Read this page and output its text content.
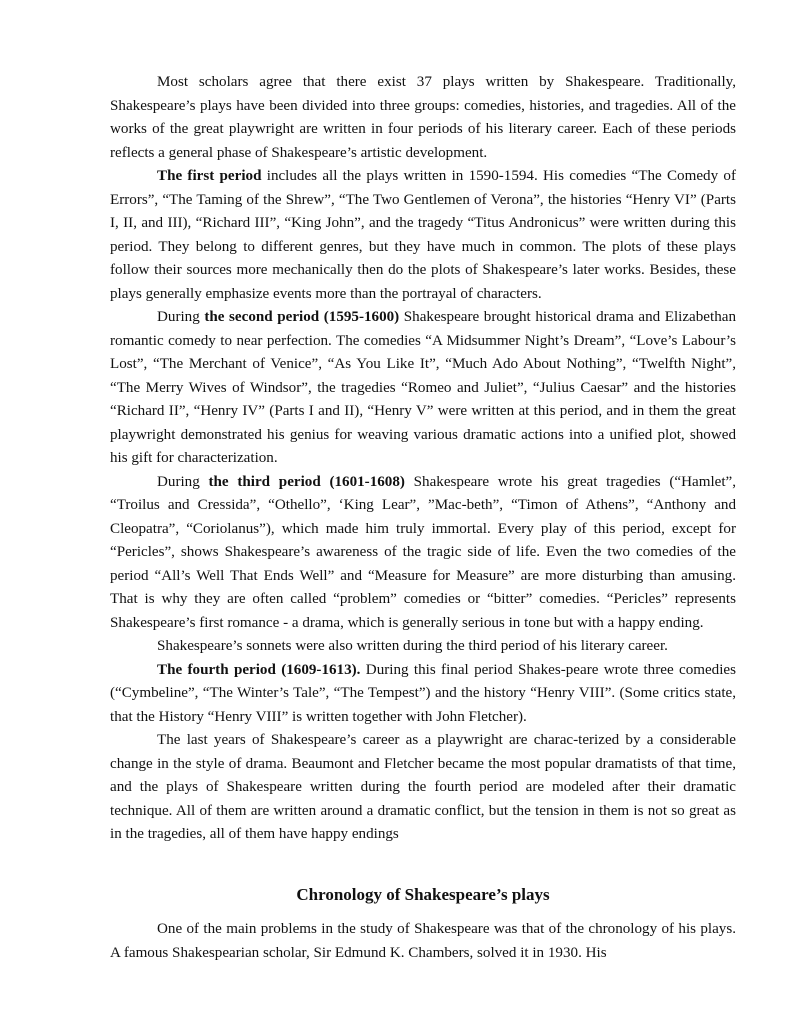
Most scholars agree that there exist 37 plays written by Shakespeare. Traditionally, Shakespeare’s plays have been divided into three groups: comedies, histories, and tragedies. All of the works of the great playwright are written in four periods of his literary career. Each of these periods reflects a general phase of Shakespeare’s artistic development.

The first period includes all the plays written in 1590-1594. His comedies “The Comedy of Errors”, “The Taming of the Shrew”, “The Two Gentlemen of Verona”, the histories “Henry VI” (Parts I, II, and III), “Richard III”, “King John”, and the tragedy “Titus Andronicus” were written during this period. They belong to different genres, but they have much in common. The plots of these plays follow their sources more mechanically then do the plots of Shakespeare’s later works. Besides, these plays generally emphasize events more than the portrayal of characters.

During the second period (1595-1600) Shakespeare brought historical drama and Elizabethan romantic comedy to near perfection. The comedies “A Midsummer Night’s Dream”, “Love’s Labour’s Lost”, “The Merchant of Venice”, “As You Like It”, “Much Ado About Nothing”, “Twelfth Night”, “The Merry Wives of Windsor”, the tragedies “Romeo and Juliet”, “Julius Caesar” and the histories “Richard II”, “Henry IV” (Parts I and II), “Henry V” were written at this period, and in them the great playwright demonstrated his genius for weaving various dramatic actions into a unified plot, showed his gift for characterization.

During the third period (1601-1608) Shakespeare wrote his great tragedies (“Hamlet”, “Troilus and Cressida”, “Othello”, ‘King Lear”, ”Mac-beth”, “Timon of Athens”, “Anthony and Cleopatra”, “Coriolanus”), which made him truly immortal. Every play of this period, except for “Pericles”, shows Shakespeare’s awareness of the tragic side of life. Even the two comedies of the period “All’s Well That Ends Well” and “Measure for Measure” are more disturbing than amusing. That is why they are often called “problem” comedies or “bitter” comedies. “Pericles” represents Shakespeare’s first romance - a drama, which is generally serious in tone but with a happy ending.

Shakespeare’s sonnets were also written during the third period of his literary career.

The fourth period (1609-1613). During this final period Shakes-peare wrote three comedies (“Cymbeline”, “The Winter’s Tale”, “The Tempest”) and the history “Henry VIII”. (Some critics state, that the History “Henry VIII” is written together with John Fletcher).

The last years of Shakespeare’s career as a playwright are charac-terized by a considerable change in the style of drama. Beaumont and Fletcher became the most popular dramatists of that time, and the plays of Shakespeare written during the fourth period are modeled after their dramatic technique. All of them are written around a dramatic conflict, but the tension in them is not so great as in the tragedies, all of them have happy endings

Chronology of Shakespeare’s plays

One of the main problems in the study of Shakespeare was that of the chronology of his plays. A famous Shakespearian scholar, Sir Edmund K. Chambers, solved it in 1930. His
